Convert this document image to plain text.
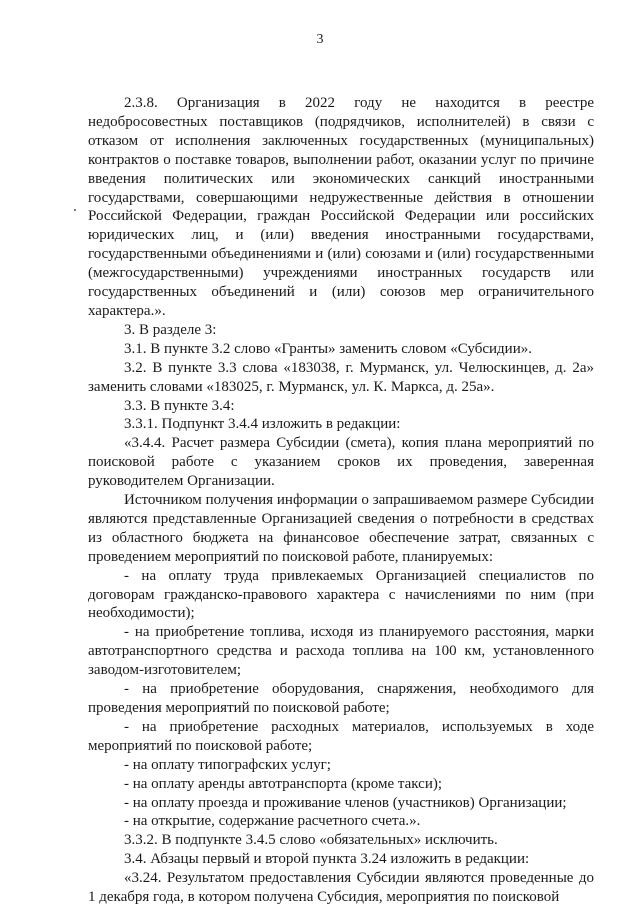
3

2.3.8. Организация в 2022 году не находится в реестре недобросовестных поставщиков (подрядчиков, исполнителей) в связи с отказом от исполнения заключенных государственных (муниципальных) контрактов о поставке товаров, выполнении работ, оказании услуг по причине введения политических или экономических санкций иностранными государствами, совершающими недружественные действия в отношении Российской Федерации, граждан Российской Федерации или российских юридических лиц, и (или) введения иностранными государствами, государственными объединениями и (или) союзами и (или) государственными (межгосударственными) учреждениями иностранных государств или государственных объединений и (или) союзов мер ограничительного характера.».

3. В разделе 3:

3.1. В пункте 3.2 слово «Гранты» заменить словом «Субсидии».

3.2. В пункте 3.3 слова «183038, г. Мурманск, ул. Челюскинцев, д. 2а» заменить словами «183025, г. Мурманск, ул. К. Маркса, д. 25а».

3.3. В пункте 3.4:

3.3.1. Подпункт 3.4.4 изложить в редакции:

«3.4.4. Расчет размера Субсидии (смета), копия плана мероприятий по поисковой работе с указанием сроков их проведения, заверенная руководителем Организации.

Источником получения информации о запрашиваемом размере Субсидии являются представленные Организацией сведения о потребности в средствах из областного бюджета на финансовое обеспечение затрат, связанных с проведением мероприятий по поисковой работе, планируемых:

- на оплату труда привлекаемых Организацией специалистов по договорам гражданско-правового характера с начислениями по ним (при необходимости);

- на приобретение топлива, исходя из планируемого расстояния, марки автотранспортного средства и расхода топлива на 100 км, установленного заводом-изготовителем;

- на приобретение оборудования, снаряжения, необходимого для проведения мероприятий по поисковой работе;

- на приобретение расходных материалов, используемых в ходе мероприятий по поисковой работе;

- на оплату типографских услуг;

- на оплату аренды автотранспорта (кроме такси);

- на оплату проезда и проживание членов (участников) Организации;

- на открытие, содержание расчетного счета.».

3.3.2. В подпункте 3.4.5 слово «обязательных» исключить.

3.4. Абзацы первый и второй пункта 3.24 изложить в редакции:

«3.24. Результатом предоставления Субсидии являются проведенные до 1 декабря года, в котором получена Субсидия, мероприятия по поисковой
